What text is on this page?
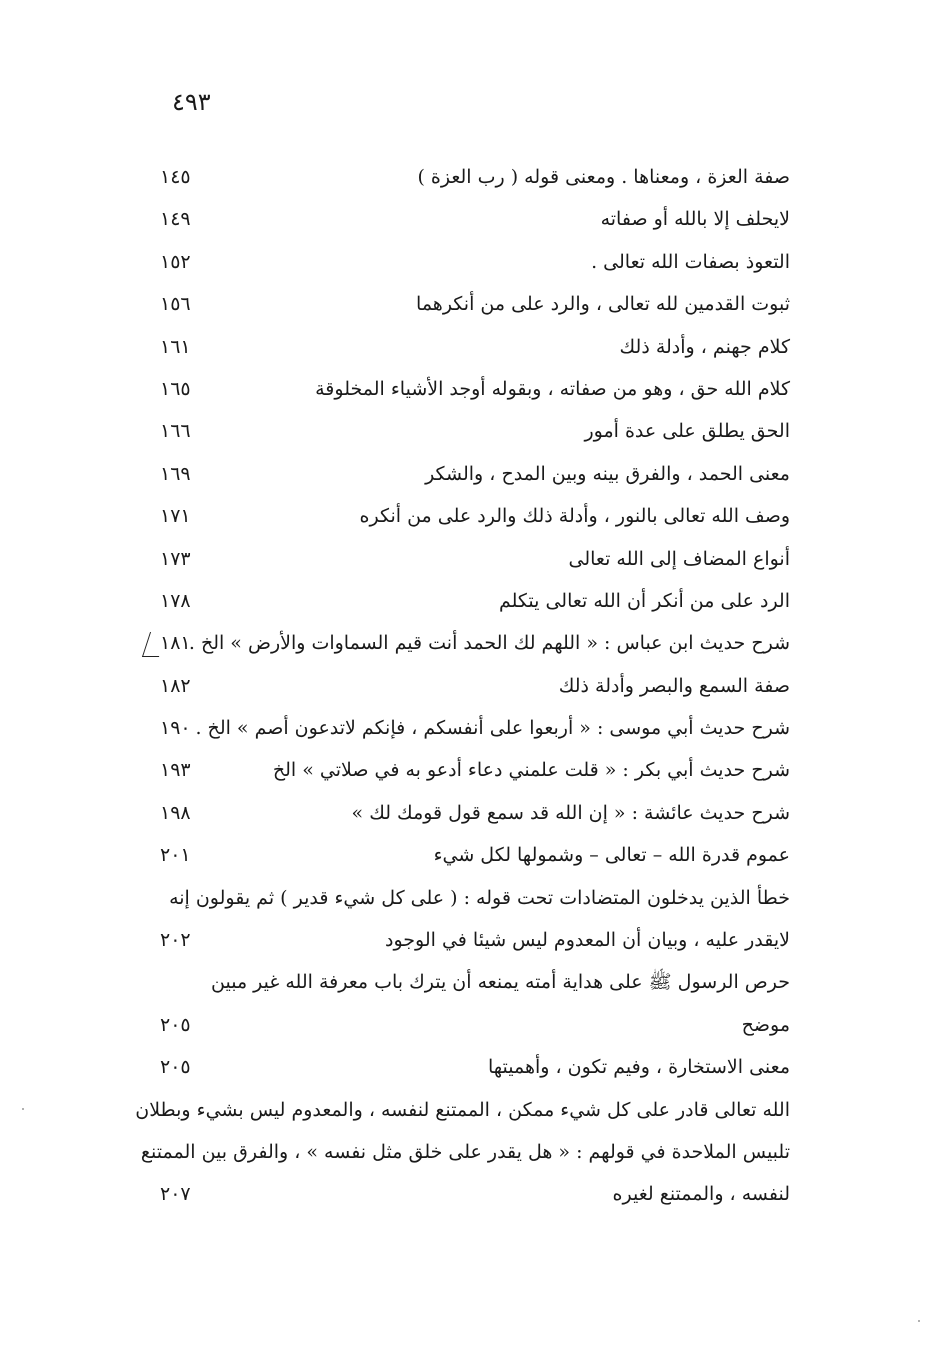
٤٩٣
صفة العزة ، ومعناها . ومعنى قوله ( رب العزة )
١٤٥
لايحلف إلا بالله أو صفاته
١٤٩
التعوذ بصفات الله تعالى .
١٥٢
ثبوت القدمين لله تعالى ، والرد على من أنكرهما
١٥٦
كلام جهنم ، وأدلة ذلك
١٦١
كلام الله حق ، وهو من صفاته ، وبقوله أوجد الأشياء المخلوقة
١٦٥
الحق يطلق على عدة أمور
١٦٦
معنى الحمد ، والفرق بينه وبين المدح ، والشكر
١٦٩
وصف الله تعالى بالنور ، وأدلة ذلك والرد على من أنكره
١٧١
أنواع المضاف إلى الله تعالى
١٧٣
الرد على من أنكر أن الله تعالى يتكلم
١٧٨
شرح حديث ابن عباس : « اللهم لك الحمد أنت قيم السماوات والأرض » الخ .
١٨١
صفة السمع والبصر وأدلة ذلك
١٨٢
شرح حديث أبي موسى : « أربعوا على أنفسكم ، فإنكم لاتدعون أصم » الخ .
١٩٠
شرح حديث أبي بكر : « قلت علمني دعاء أدعو به في صلاتي » الخ
١٩٣
شرح حديث عائشة : « إن الله قد سمع قول قومك لك »
١٩٨
عموم قدرة الله – تعالى – وشمولها لكل شيء
٢٠١
خطأ الذين يدخلون المتضادات تحت قوله : ( على كل شيء قدير ) ثم يقولون إنه
لايقدر عليه ، وبيان أن المعدوم ليس شيئا في الوجود
٢٠٢
حرص الرسول ﷺ على هداية أمته يمنعه أن يترك باب معرفة الله غير مبين
موضح
٢٠٥
معنى الاستخارة ، وفيم تكون ، وأهميتها
٢٠٥
الله تعالى قادر على كل شيء ممكن ، الممتنع لنفسه ، والمعدوم ليس بشيء وبطلان
تلبيس الملاحدة في قولهم : « هل يقدر على خلق مثل نفسه » ، والفرق بين الممتنع
لنفسه ، والممتنع لغيره
٢٠٧
